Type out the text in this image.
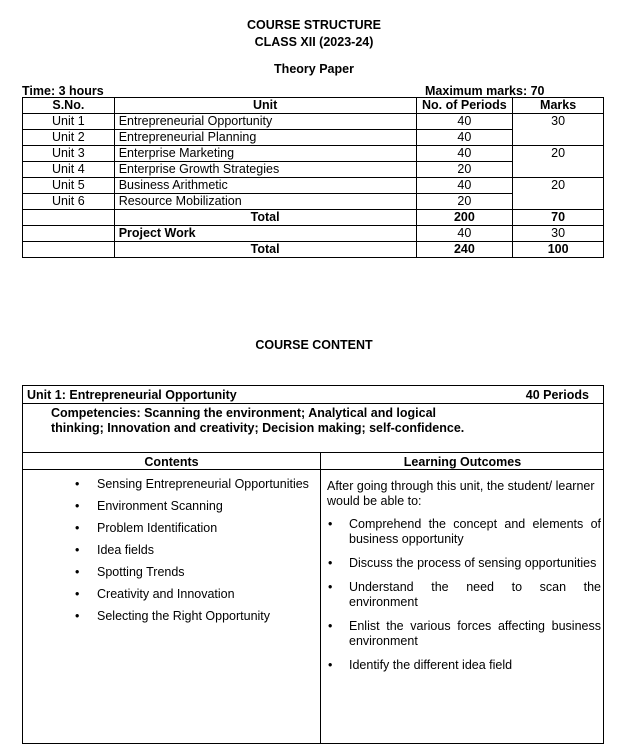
COURSE STRUCTURE
CLASS XII (2023-24)
Theory Paper
Time: 3 hours	Maximum marks: 70
S.No.	Unit	No. of Periods	Marks
Unit 1	Entrepreneurial Opportunity	40	30
Unit 2	Entrepreneurial Planning	40	
Unit 3	Enterprise Marketing	40	20
Unit 4	Enterprise Growth Strategies	20	
Unit 5	Business Arithmetic	40	20
Unit 6	Resource Mobilization	20	
	Total	200	70
	Project Work	40	30
	Total	240	100
COURSE CONTENT
Unit 1: Entrepreneurial Opportunity	40 Periods
Competencies: Scanning the environment; Analytical and logical thinking; Innovation and creativity; Decision making; self-confidence.
Contents	Learning Outcomes
• Sensing Entrepreneurial Opportunities
• Environment Scanning
• Problem Identification
• Idea fields
• Spotting Trends
• Creativity and Innovation
• Selecting the Right Opportunity
After going through this unit, the student/ learner would be able to:
• Comprehend the concept and elements of business opportunity
• Discuss the process of sensing opportunities
• Understand the need to scan the environment
• Enlist the various forces affecting business environment
• Identify the different idea field
